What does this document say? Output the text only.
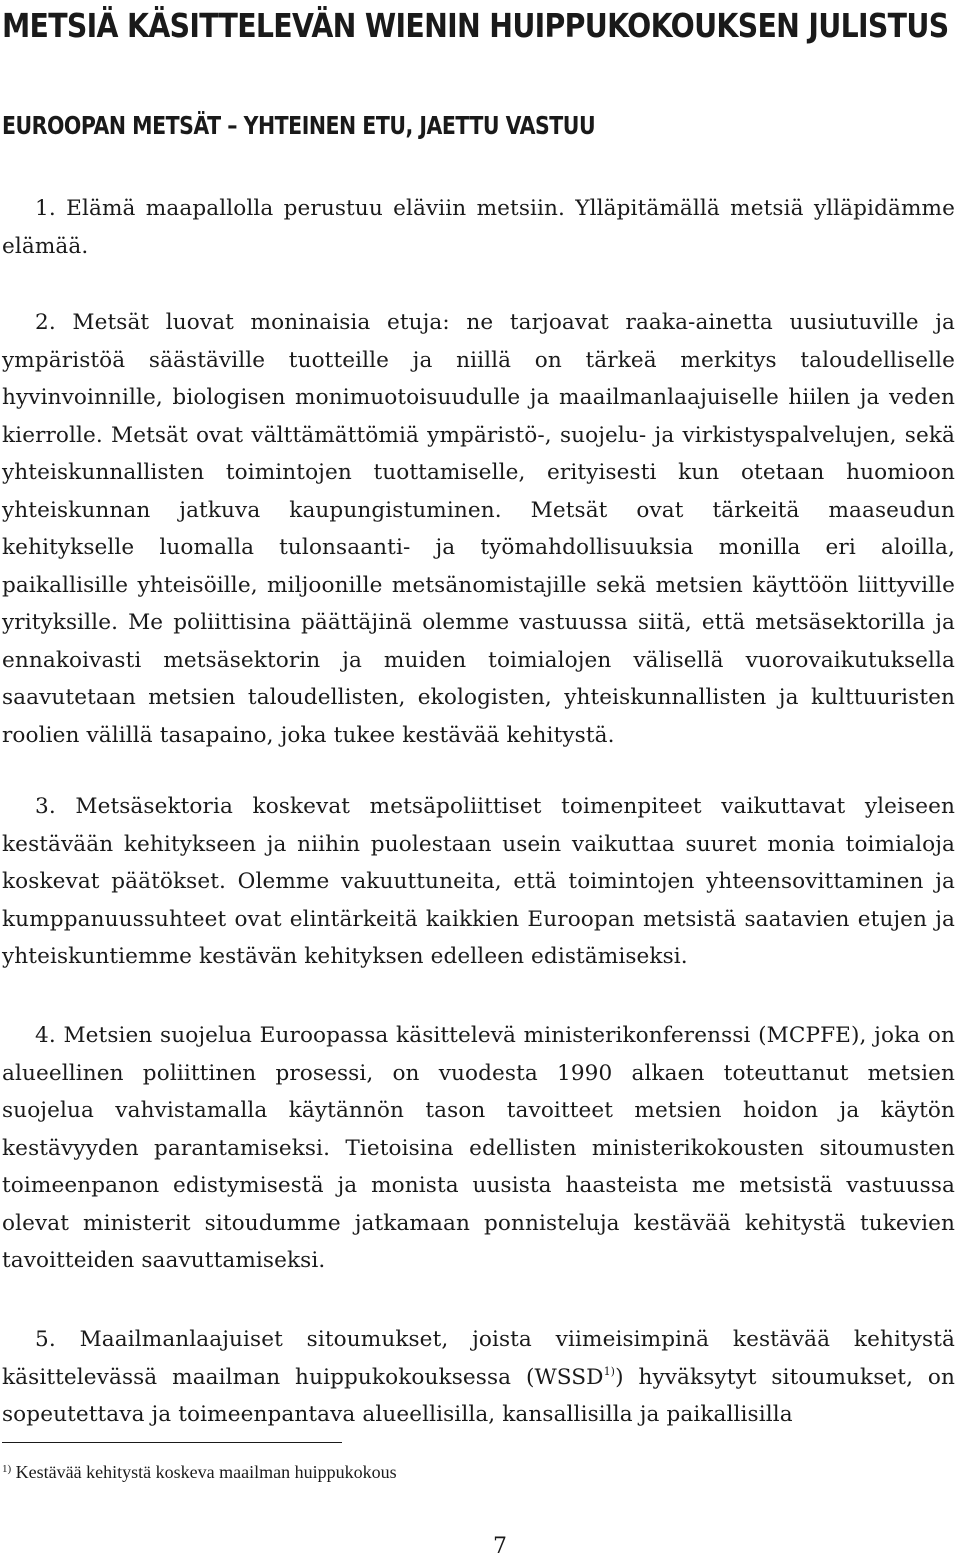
METSIÄ KÄSITTELEVÄN WIENIN HUIPPUKOKOUKSEN JULISTUS
EUROOPAN METSÄT – YHTEINEN ETU, JAETTU VASTUU

1. Elämä maapallolla perustuu eläviin metsiin. Ylläpitämällä metsiä ylläpidämme elämää.

2. Metsät luovat moninaisia etuja: ne tarjoavat raaka-ainetta uusiutuville ja ympäristöä säästäville tuotteille ja niillä on tärkeä merkitys taloudelliselle hyvinvoinnille, biologisen monimuotoisuudulle ja maailmanlaajuiselle hiilen ja veden kierrolle. Metsät ovat välttämättömiä ympäristö-, suojelu- ja virkistyspalvelujen, sekä yhteiskunnallisten toimintojen tuottamiselle, erityisesti kun otetaan huomioon yhteiskunnan jatkuva kaupungistuminen. Metsät ovat tärkeitä maaseudun kehitykselle luomalla tulonsaanti- ja työmahdollisuuksia monilla eri aloilla, paikallisille yhteisöille, miljoonille metsänomistajille sekä metsien käyttöön liittyville yrityksille. Me poliittisina päättäjinä olemme vastuussa siitä, että metsäsektorilla ja ennakoivasti metsäsektorin ja muiden toimialojen välisellä vuorovaikutuksella saavutetaan metsien taloudellisten, ekologisten, yhteiskunnallisten ja kulttuuristen roolien välillä tasapaino, joka tukee kestävää kehitystä.

3. Metsäsektoria koskevat metsäpoliittiset toimenpiteet vaikuttavat yleiseen kestävään kehitykseen ja niihin puolestaan usein vaikuttaa suuret monia toimialoja koskevat päätökset. Olemme vakuuttuneita, että toimintojen yhteensovittaminen ja kumppanuussuhteet ovat elintärkeitä kaikkien Euroopan metsistä saatavien etujen ja yhteiskuntiemme kestävän kehityksen edelleen edistämiseksi.

4. Metsien suojelua Euroopassa käsittelevä ministerikonferenssi (MCPFE), joka on alueellinen poliittinen prosessi, on vuodesta 1990 alkaen toteuttanut metsien suojelua vahvistamalla käytännön tason tavoitteet metsien hoidon ja käytön kestävyyden parantamiseksi. Tietoisina edellisten ministerikokousten sitoumusten toimeenpanon edistymisestä ja monista uusista haasteista me metsistä vastuussa olevat ministerit sitoudumme jatkamaan ponnisteluja kestävää kehitystä tukevien tavoitteiden saavuttamiseksi.

5. Maailmanlaajuiset sitoumukset, joista viimeisimpinä kestävää kehitystä käsittelevässä maailman huippukokouksessa (WSSD$^{1)}$) hyväksytyt sitoumukset, on sopeutettava ja toimeenpantava alueellisilla, kansallisilla ja paikallisilla

$^{1)}$ Kestävää kehitystä koskeva maailman huippukokous
7
